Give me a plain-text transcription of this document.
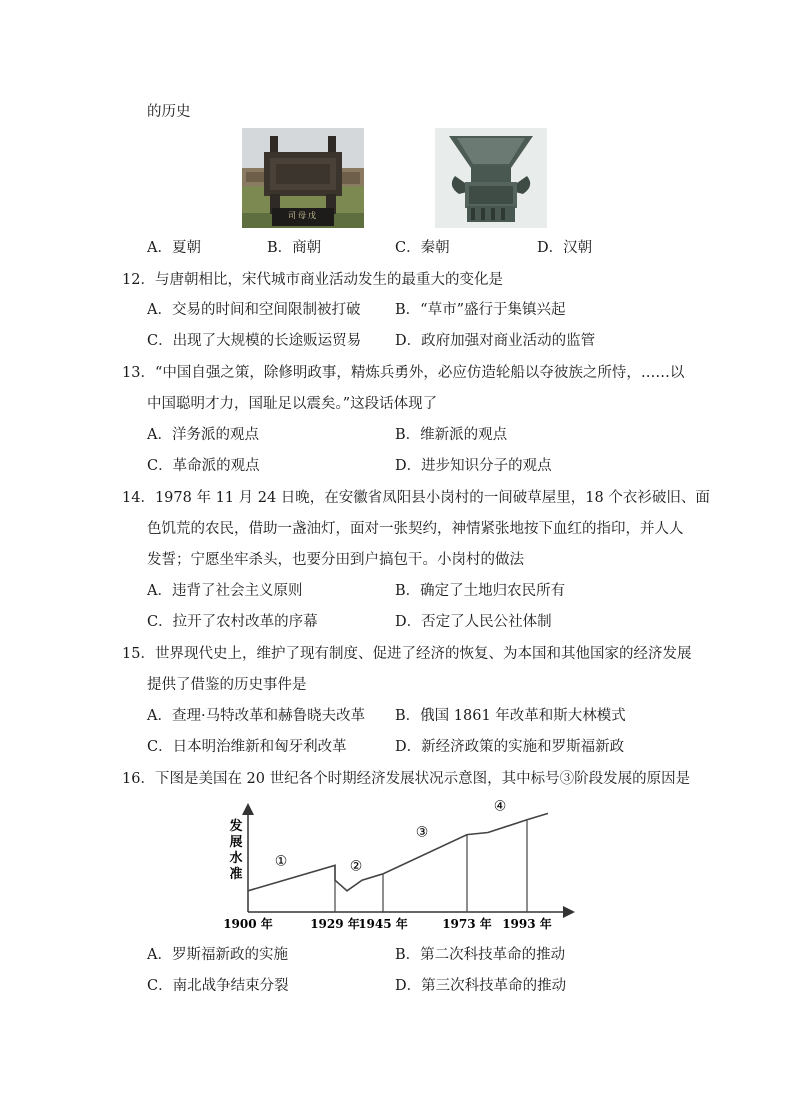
的历史
司母戊
A．夏朝	B．商朝	C．秦朝	D．汉朝
12．与唐朝相比，宋代城市商业活动发生的最重大的变化是
A．交易的时间和空间限制被打破 B．“草市”盛行于集镇兴起
C．出现了大规模的长途贩运贸易 D．政府加强对商业活动的监管
13．“中国自强之策，除修明政事，精炼兵勇外，必应仿造轮船以夺彼族之所恃，……以
中国聪明才力，国耻足以震矣。”这段话体现了
A．洋务派的观点	B．维新派的观点
C．革命派的观点	D．进步知识分子的观点
14．1978 年 11 月 24 日晚，在安徽省凤阳县小岗村的一间破草屋里，18 个衣衫破旧、面
色饥荒的农民，借助一盏油灯，面对一张契约，神情紧张地按下血红的指印，并人人
发誓；宁愿坐牢杀头，也要分田到户搞包干。小岗村的做法
A．违背了社会主义原则	B．确定了土地归农民所有
C．拉开了农村改革的序幕	D．否定了人民公社体制
15．世界现代史上，维护了现有制度、促进了经济的恢复、为本国和其他国家的经济发展
提供了借鉴的历史事件是
A．查理·马特改革和赫鲁晓夫改革 B．俄国 1861 年改革和斯大林模式
C．日本明治维新和匈牙利改革	D．新经济政策的实施和罗斯福新政
16．下图是美国在 20 世纪各个时期经济发展状况示意图，其中标号③阶段发展的原因是
发
展
水
准
①	②
③
④
1900 年	1929 年
1945 年	1973 年 1993 年
A．罗斯福新政的实施	B．第二次科技革命的推动
C．南北战争结束分裂	D．第三次科技革命的推动
